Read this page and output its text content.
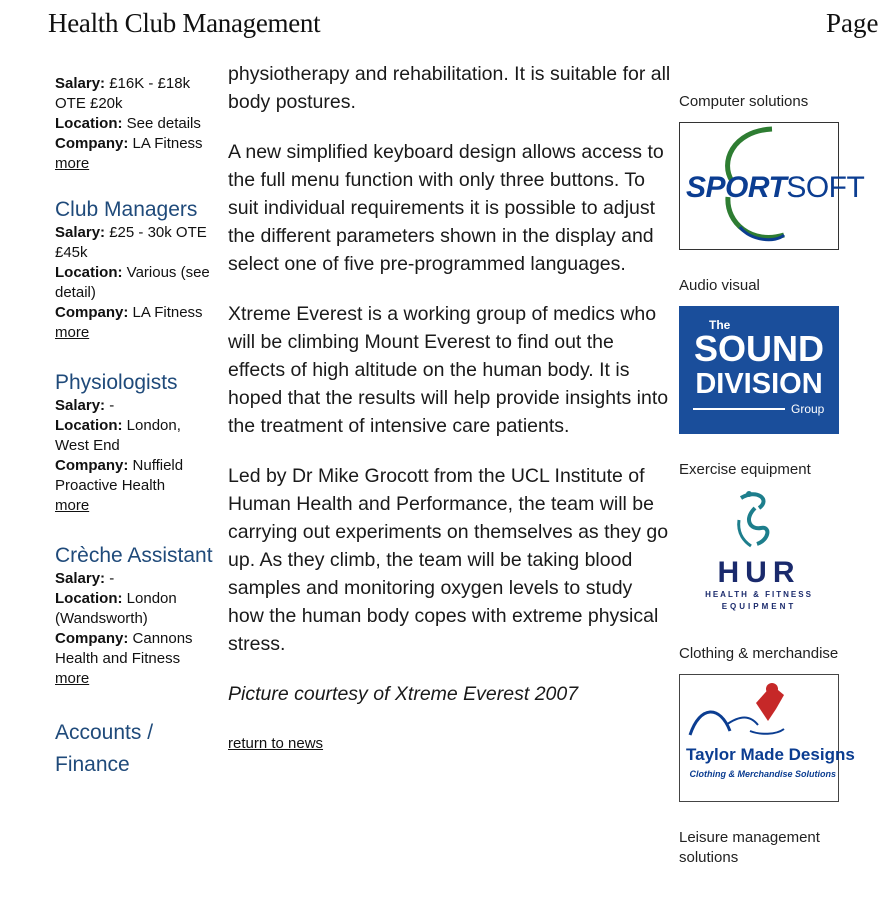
Health Club Management	Page
Salary: £16K - £18k OTE £20k
Location: See details
Company: LA Fitness
more
Club Managers
Salary: £25 - 30k OTE £45k
Location: Various (see detail)
Company: LA Fitness
more
Physiologists
Salary: -
Location: London, West End
Company: Nuffield Proactive Health
more
Crèche Assistant
Salary: -
Location: London (Wandsworth)
Company: Cannons Health and Fitness
more
Accounts / Finance

physiotherapy and rehabilitation. It is suitable for all body postures.

A new simplified keyboard design allows access to the full menu function with only three buttons. To suit individual requirements it is possible to adjust the different parameters shown in the display and select one of five pre-programmed languages.

Xtreme Everest is a working group of medics who will be climbing Mount Everest to find out the effects of high altitude on the human body. It is hoped that the results will help provide insights into the treatment of intensive care patients.

Led by Dr Mike Grocott from the UCL Institute of Human Health and Performance, the team will be carrying out experiments on themselves as they go up. As they climb, the team will be taking blood samples and monitoring oxygen levels to study how the human body copes with extreme physical stress.

Picture courtesy of Xtreme Everest 2007

return to news
Computer solutions
SPORTSOFT
Audio visual
The
SOUND
DIVISION
Group
Exercise equipment
HUR
HEALTH & FITNESS
EQUIPMENT
Clothing & merchandise
Taylor Made Designs
Clothing & Merchandise Solutions
Leisure management solutions
